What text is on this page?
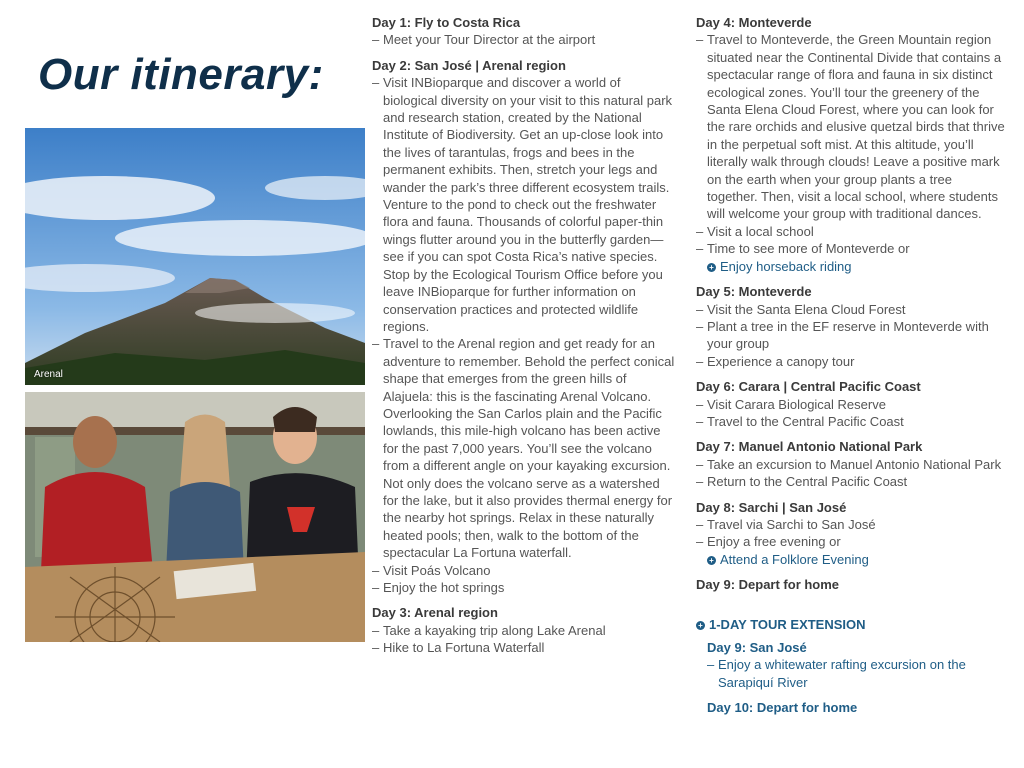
Our itinerary:
Arenal
Day 1: Fly to Costa Rica
– Meet your Tour Director at the airport
Day 2: San José | Arenal region
– Visit INBioparque and discover a world of biological diversity on your visit to this natural park and research station, created by the National Institute of Biodiversity. Get an up-close look into the lives of tarantulas, frogs and bees in the permanent exhibits. Then, stretch your legs and wander the park’s three different ecosystem trails. Venture to the pond to check out the freshwater flora and fauna. Thousands of colorful paper-thin wings flutter around you in the butterfly garden—see if you can spot Costa Rica’s native species. Stop by the Ecological Tourism Office before you leave INBioparque for further information on conservation practices and protected wildlife regions.
– Travel to the Arenal region and get ready for an adventure to remember. Behold the perfect conical shape that emerges from the green hills of Alajuela: this is the fascinating Arenal Volcano. Overlooking the San Carlos plain and the Pacific lowlands, this mile-high volcano has been active for the past 7,000 years. You’ll see the volcano from a different angle on your kayaking excursion. Not only does the volcano serve as a watershed for the lake, but it also provides thermal energy for the nearby hot springs. Relax in these naturally heated pools; then, walk to the bottom of the spectacular La Fortuna waterfall.
– Visit Poás Volcano
– Enjoy the hot springs
Day 3: Arenal region
– Take a kayaking trip along Lake Arenal
– Hike to La Fortuna Waterfall
Day 4: Monteverde
– Travel to Monteverde, the Green Mountain region situated near the Continental Divide that contains a spectacular range of flora and fauna in six distinct ecological zones. You’ll tour the greenery of the Santa Elena Cloud Forest, where you can look for the rare orchids and elusive quetzal birds that thrive in the perpetual soft mist. At this altitude, you’ll literally walk through clouds! Leave a positive mark on the earth when your group plants a tree together. Then, visit a local school, where students will welcome your group with traditional dances.
– Visit a local school
– Time to see more of Monteverde or
+ Enjoy horseback riding
Day 5: Monteverde
– Visit the Santa Elena Cloud Forest
– Plant a tree in the EF reserve in Monteverde with your group
– Experience a canopy tour
Day 6: Carara | Central Pacific Coast
– Visit Carara Biological Reserve
– Travel to the Central Pacific Coast
Day 7: Manuel Antonio National Park
– Take an excursion to Manuel Antonio National Park
– Return to the Central Pacific Coast
Day 8: Sarchi | San José
– Travel via Sarchi to San José
– Enjoy a free evening or
+ Attend a Folklore Evening
Day 9: Depart for home
+ 1-DAY TOUR EXTENSION
Day 9: San José
– Enjoy a whitewater rafting excursion on the Sarapiquí River
Day 10: Depart for home
